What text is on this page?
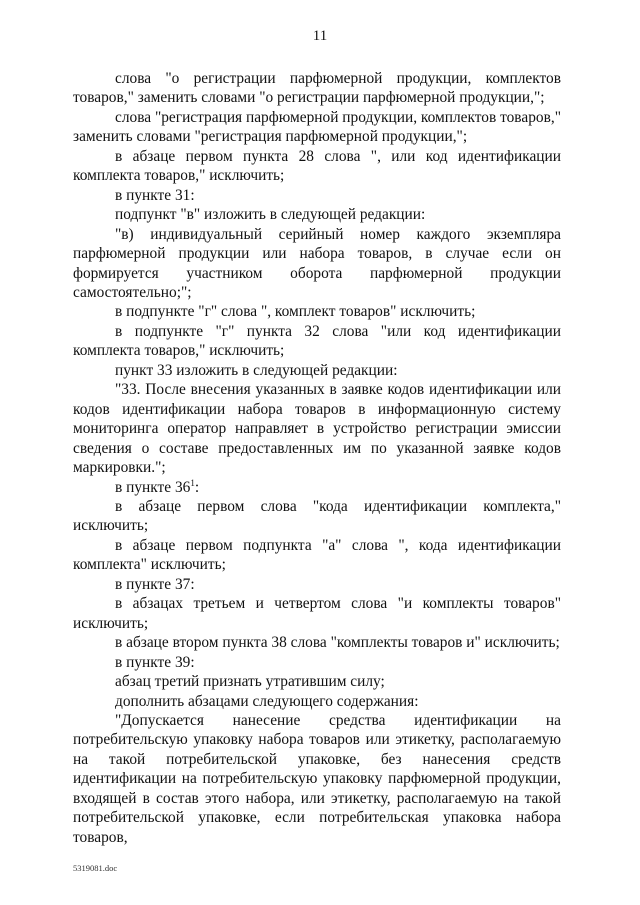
11

слова "о регистрации парфюмерной продукции, комплектов товаров," заменить словами "о регистрации парфюмерной продукции,";

слова "регистрация парфюмерной продукции, комплектов товаров," заменить словами "регистрация парфюмерной продукции,";

в абзаце первом пункта 28 слова ", или код идентификации комплекта товаров," исключить;

в пункте 31:

подпункт "в" изложить в следующей редакции:

"в) индивидуальный серийный номер каждого экземпляра парфюмерной продукции или набора товаров, в случае если он формируется участником оборота парфюмерной продукции самостоятельно;";

в подпункте "г" слова ", комплект товаров" исключить;

в подпункте "г" пункта 32 слова "или код идентификации комплекта товаров," исключить;

пункт 33 изложить в следующей редакции:

"33. После внесения указанных в заявке кодов идентификации или кодов идентификации набора товаров в информационную систему мониторинга оператор направляет в устройство регистрации эмиссии сведения о составе предоставленных им по указанной заявке кодов маркировки.";

в пункте $36^1$:

в абзаце первом слова "кода идентификации комплекта," исключить;

в абзаце первом подпункта "а" слова ", кода идентификации комплекта" исключить;

в пункте 37:

в абзацах третьем и четвертом слова "и комплекты товаров" исключить;

в абзаце втором пункта 38 слова "комплекты товаров и" исключить;

в пункте 39:

абзац третий признать утратившим силу;

дополнить абзацами следующего содержания:

"Допускается нанесение средства идентификации на потребительскую упаковку набора товаров или этикетку, располагаемую на такой потребительской упаковке, без нанесения средств идентификации на потребительскую упаковку парфюмерной продукции, входящей в состав этого набора, или этикетку, располагаемую на такой потребительской упаковке, если потребительская упаковка набора товаров,

5319081.doc
